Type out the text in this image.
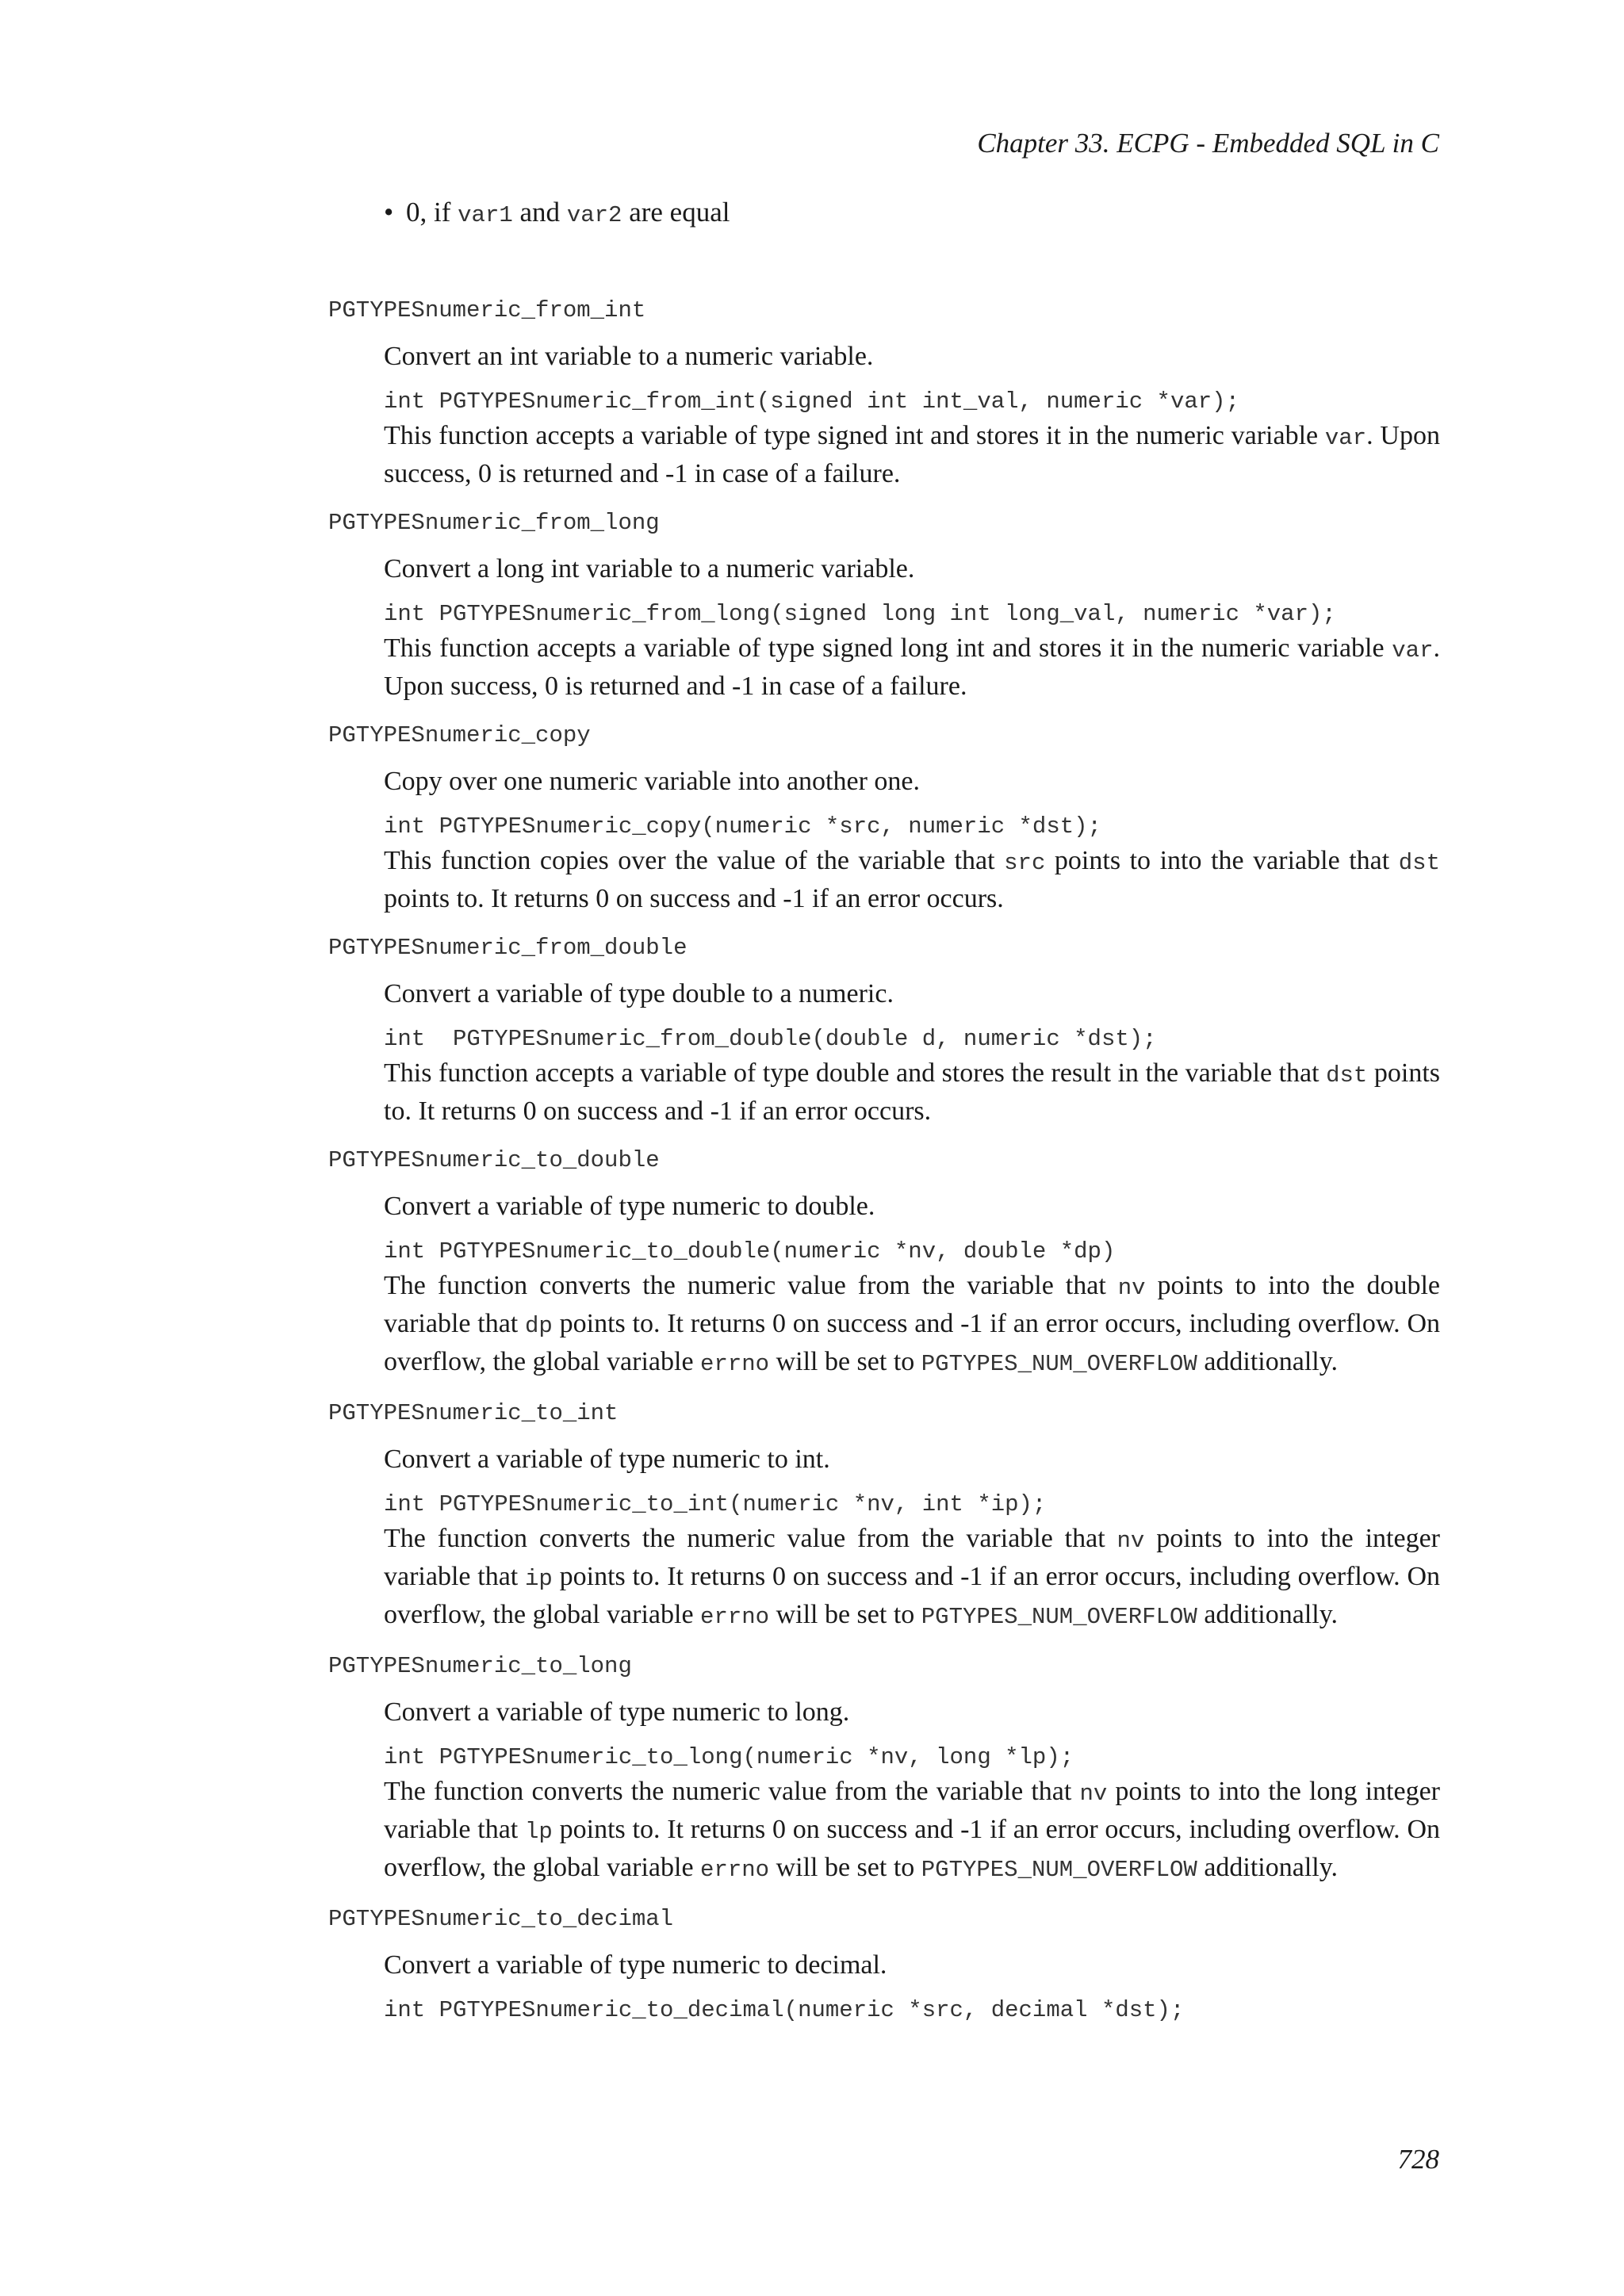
Chapter 33. ECPG - Embedded SQL in C
• 0, if var1 and var2 are equal
PGTYPESnumeric_from_int
Convert an int variable to a numeric variable.
int PGTYPESnumeric_from_int(signed int int_val, numeric *var);
This function accepts a variable of type signed int and stores it in the numeric variable var. Upon success, 0 is returned and -1 in case of a failure.
PGTYPESnumeric_from_long
Convert a long int variable to a numeric variable.
int PGTYPESnumeric_from_long(signed long int long_val, numeric *var);
This function accepts a variable of type signed long int and stores it in the numeric variable var. Upon success, 0 is returned and -1 in case of a failure.
PGTYPESnumeric_copy
Copy over one numeric variable into another one.
int PGTYPESnumeric_copy(numeric *src, numeric *dst);
This function copies over the value of the variable that src points to into the variable that dst points to. It returns 0 on success and -1 if an error occurs.
PGTYPESnumeric_from_double
Convert a variable of type double to a numeric.
int  PGTYPESnumeric_from_double(double d, numeric *dst);
This function accepts a variable of type double and stores the result in the variable that dst points to. It returns 0 on success and -1 if an error occurs.
PGTYPESnumeric_to_double
Convert a variable of type numeric to double.
int PGTYPESnumeric_to_double(numeric *nv, double *dp)
The function converts the numeric value from the variable that nv points to into the double variable that dp points to. It returns 0 on success and -1 if an error occurs, including overflow. On overflow, the global variable errno will be set to PGTYPES_NUM_OVERFLOW additionally.
PGTYPESnumeric_to_int
Convert a variable of type numeric to int.
int PGTYPESnumeric_to_int(numeric *nv, int *ip);
The function converts the numeric value from the variable that nv points to into the integer variable that ip points to. It returns 0 on success and -1 if an error occurs, including overflow. On overflow, the global variable errno will be set to PGTYPES_NUM_OVERFLOW additionally.
PGTYPESnumeric_to_long
Convert a variable of type numeric to long.
int PGTYPESnumeric_to_long(numeric *nv, long *lp);
The function converts the numeric value from the variable that nv points to into the long integer variable that lp points to. It returns 0 on success and -1 if an error occurs, including overflow. On overflow, the global variable errno will be set to PGTYPES_NUM_OVERFLOW additionally.
PGTYPESnumeric_to_decimal
Convert a variable of type numeric to decimal.
int PGTYPESnumeric_to_decimal(numeric *src, decimal *dst);
728
